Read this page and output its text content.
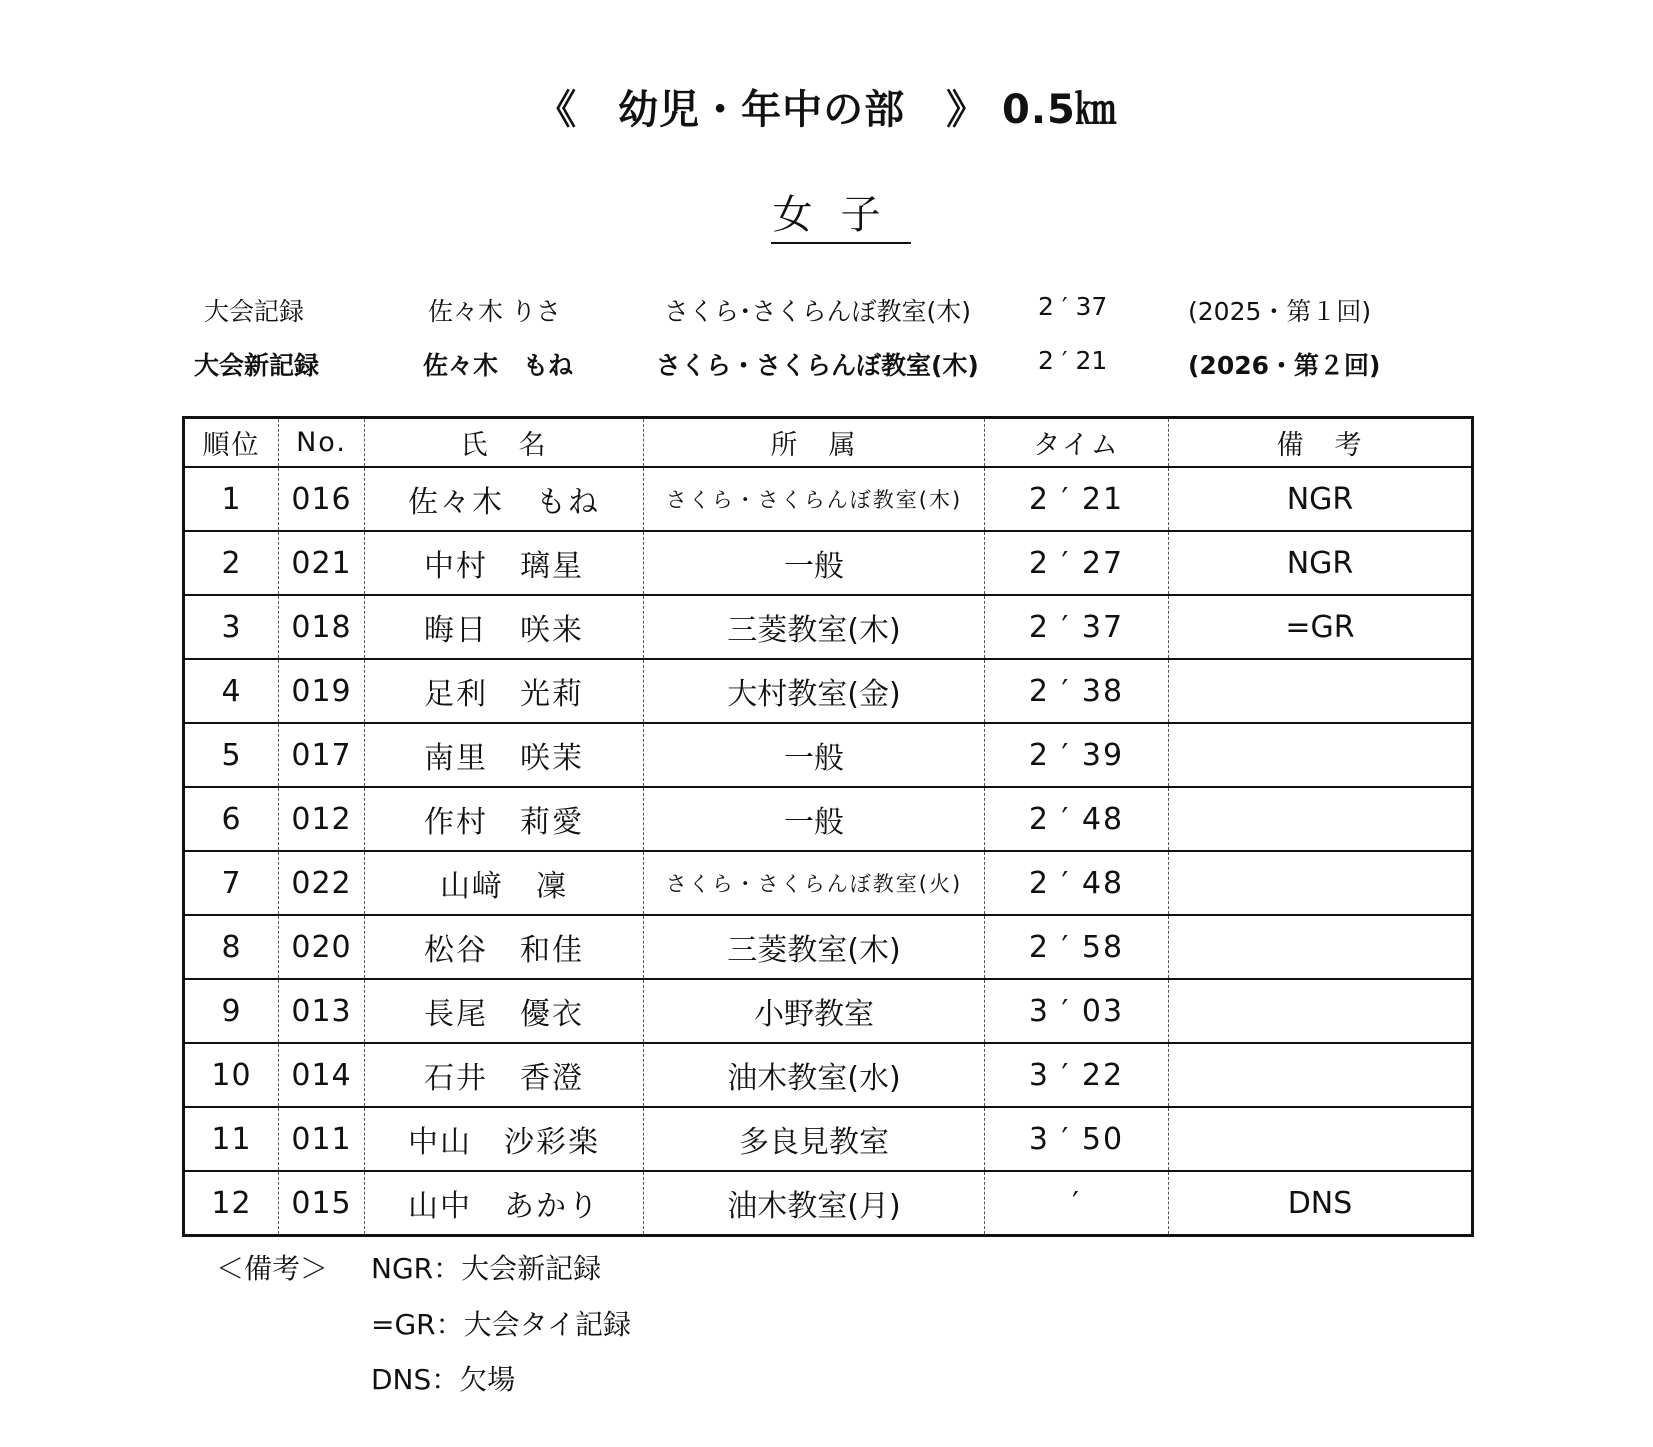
《　幼児・年中の部　》 0.5㎞
女子
大会記録	佐々木 りさ	さくら･さくらんぼ教室(木)	2 ′ 37	(2025・第１回)
大会新記録	佐々木　もね	さくら・さくらんぼ教室(木) 2 ′ 21	(2026・第２回)
順位	No.	氏　名	所　属	タイム	備　考
1	016	佐々木　もね	さくら・さくらんぼ教室(木)	2 ′ 21	NGR
2	021	中村　璃星	一般	2 ′ 27	NGR
3	018	晦日　咲来	三菱教室(木)	2 ′ 37	=GR
4	019	足利　光莉	大村教室(金)	2 ′ 38	
5	017	南里　咲茉	一般	2 ′ 39	
6	012	作村　莉愛	一般	2 ′ 48	
7	022	山﨑　凜	さくら・さくらんぼ教室(火)	2 ′ 48	
8	020	松谷　和佳	三菱教室(木)	2 ′ 58	
9	013	長尾　優衣	小野教室	3 ′ 03	
10	014	石井　香澄	油木教室(水)	3 ′ 22	
11	011	中山　沙彩楽	多良見教室	3 ′ 50	
12	015	山中　あかり	油木教室(月)	′	DNS
＜備考＞ NGR：大会新記録
=GR：大会タイ記録
DNS：欠場
